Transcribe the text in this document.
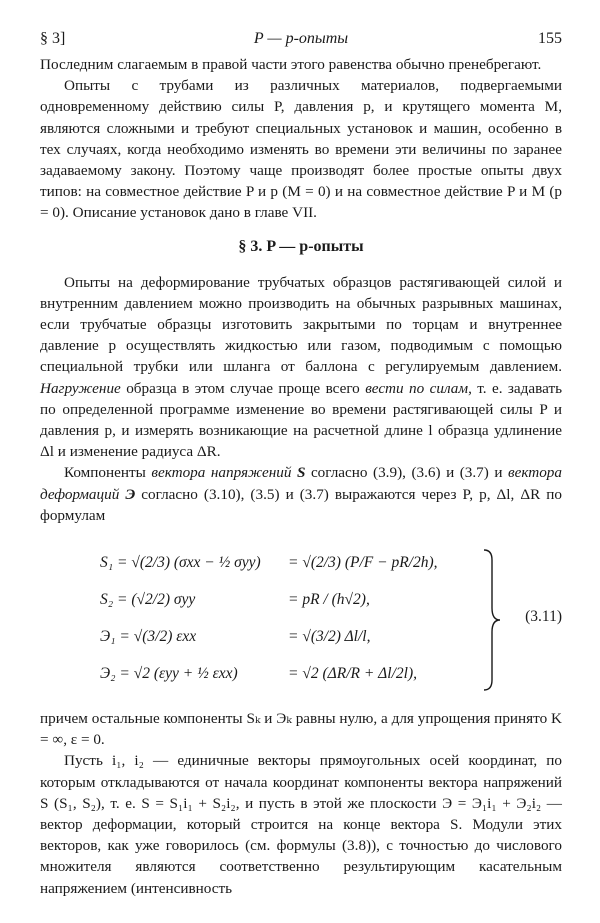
§ 3]	P — p-опыты	155

Последним слагаемым в правой части этого равенства обычно пренебрегают.

Опыты с трубами из различных материалов, подвергаемыми одновременному действию силы P, давления p, и крутящего момента M, являются сложными и требуют специальных установок и машин, особенно в тех случаях, когда необходимо изменять во времени эти величины по заранее задаваемому закону. Поэтому чаще производят более простые опыты двух типов: на совместное действие P и p (M = 0) и на совместное действие P и M (p = 0). Описание установок дано в главе VII.

§ 3. P — p-опыты

Опыты на деформирование трубчатых образцов растягивающей силой и внутренним давлением можно производить на обычных разрывных машинах, если трубчатые образцы изготовить закрытыми по торцам и внутреннее давление p осуществлять жидкостью или газом, подводимым с помощью специальной трубки или шланга от баллона с регулируемым давлением. Нагружение образца в этом случае проще всего вести по силам, т. е. задавать по определенной программе изменение во времени растягивающей силы P и давления p, и измерять возникающие на расчетной длине l образца удлинение Δl и изменение радиуса ΔR.

Компоненты вектора напряжений S согласно (3.9), (3.6) и (3.7) и вектора деформаций Э согласно (3.10), (3.5) и (3.7) выражаются через P, p, Δl, ΔR по формулам

S₁ = √(2/3) (σxx − ½ σyy) = √(2/3) (P/F − pR/2h),
S₂ = (√2/2) σyy	= pR / (h√2),
Э₁ = √(3/2) εxx	= √(3/2) Δl/l,
Э₂ = √2 (εyy + ½ εxx)	= √2 (ΔR/R + Δl/2l),
(3.11)

причем остальные компоненты Sₖ и Эₖ равны нулю, а для упрощения принято K = ∞, ε = 0.

Пусть i₁, i₂ — единичные векторы прямоугольных осей координат, по которым откладываются от начала координат компоненты вектора напряжений S (S₁, S₂), т. е. S = S₁i₁ + S₂i₂, и пусть в этой же плоскости Э = Э₁i₁ + Э₂i₂ — вектор деформации, который строится на конце вектора S. Модули этих векторов, как уже говорилось (см. формулы (3.8)), с точностью до числового множителя являются соответственно результирующим касательным напряжением (интенсивность
